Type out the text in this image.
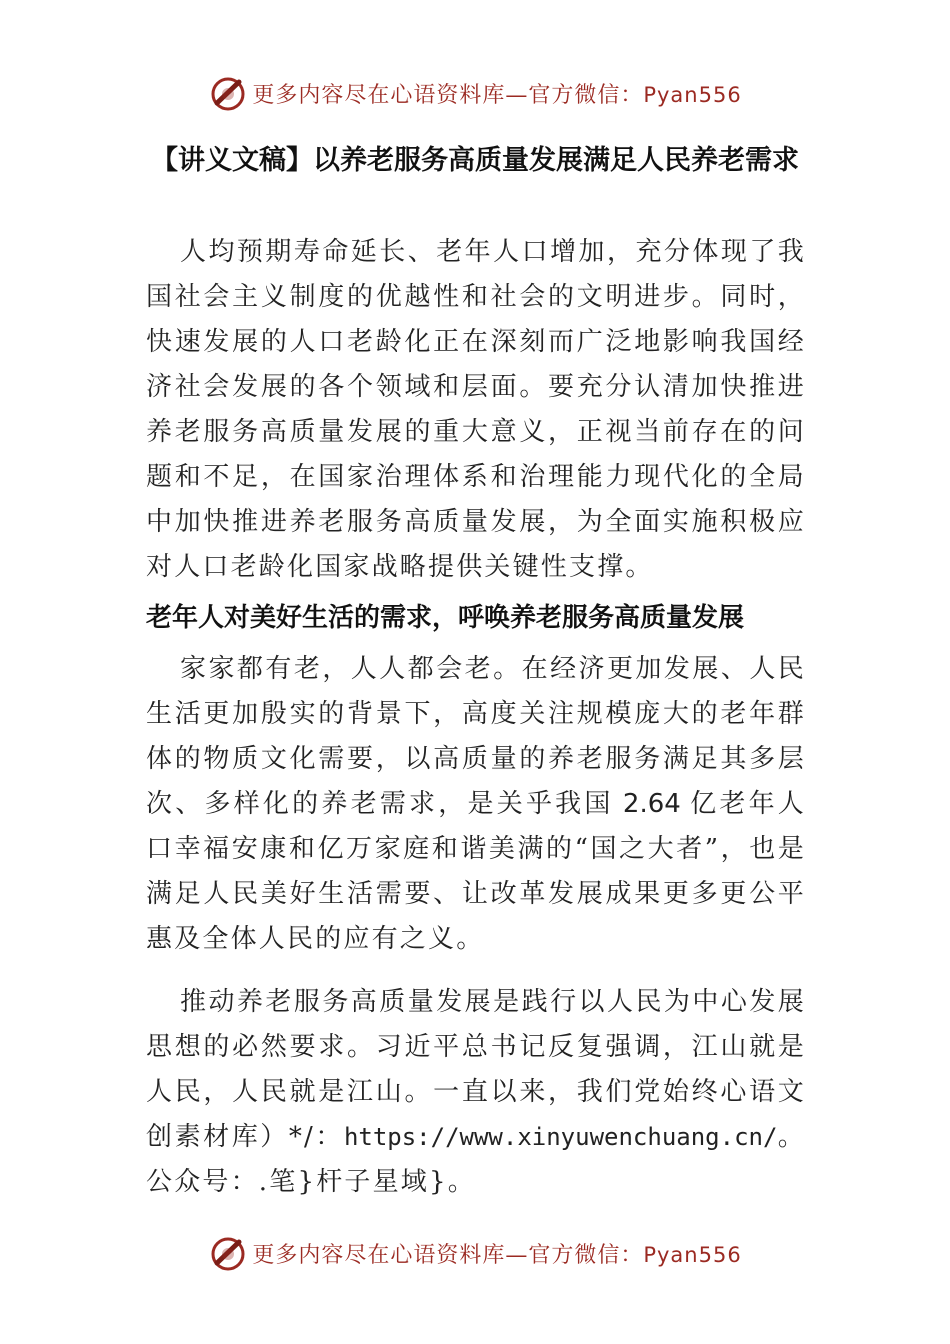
更多内容尽在心语资料库—官方微信：Pyan556
【讲义文稿】以养老服务高质量发展满足人民养老需求

人均预期寿命延长、老年人口增加，充分体现了我国社会主义制度的优越性和社会的文明进步。同时，快速发展的人口老龄化正在深刻而广泛地影响我国经济社会发展的各个领域和层面。要充分认清加快推进养老服务高质量发展的重大意义，正视当前存在的问题和不足，在国家治理体系和治理能力现代化的全局中加快推进养老服务高质量发展，为全面实施积极应对人口老龄化国家战略提供关键性支撑。

老年人对美好生活的需求，呼唤养老服务高质量发展

家家都有老，人人都会老。在经济更加发展、人民生活更加殷实的背景下，高度关注规模庞大的老年群体的物质文化需要，以高质量的养老服务满足其多层次、多样化的养老需求，是关乎我国 2.64 亿老年人口幸福安康和亿万家庭和谐美满的“国之大者”，也是满足人民美好生活需要、让改革发展成果更多更公平惠及全体人民的应有之义。

推动养老服务高质量发展是践行以人民为中心发展思想的必然要求。习近平总书记反复强调，江山就是人民，人民就是江山。一直以来，我们党始终心语文创素材库）*/：https://www.xinyuwenchuang.cn/。公众号：.笔}杆子星域}。

更多内容尽在心语资料库—官方微信：Pyan556
